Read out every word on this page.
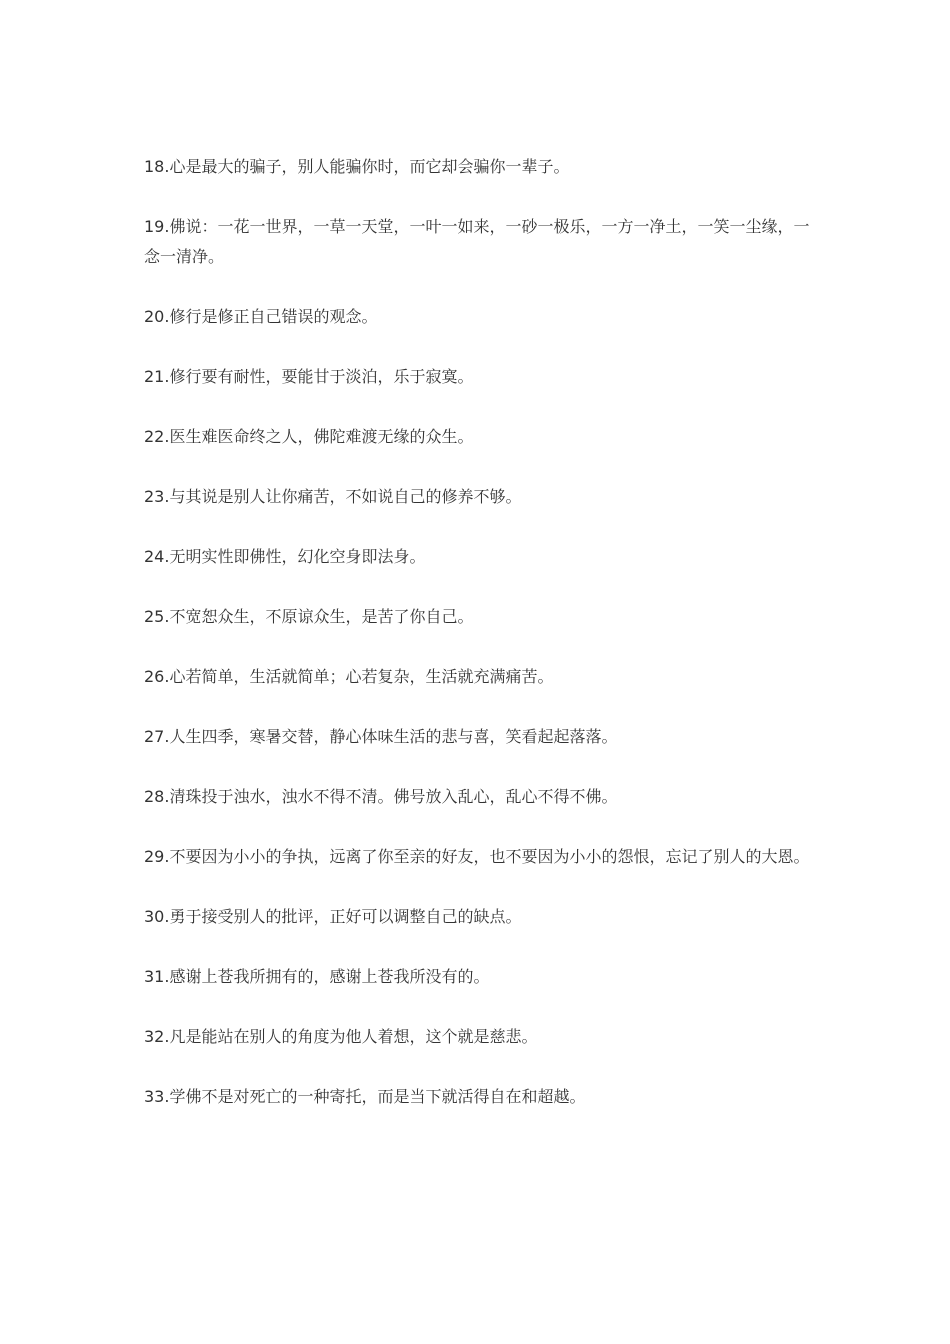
18.心是最大的骗子，别人能骗你时，而它却会骗你一辈子。
19.佛说：一花一世界，一草一天堂，一叶一如来，一砂一极乐，一方一净土，一笑一尘缘，一念一清净。
20.修行是修正自己错误的观念。
21.修行要有耐性，要能甘于淡泊，乐于寂寞。
22.医生难医命终之人，佛陀难渡无缘的众生。
23.与其说是别人让你痛苦，不如说自己的修养不够。
24.无明实性即佛性，幻化空身即法身。
25.不宽恕众生，不原谅众生，是苦了你自己。
26.心若简单，生活就简单；心若复杂，生活就充满痛苦。
27.人生四季，寒暑交替，静心体味生活的悲与喜，笑看起起落落。
28.清珠投于浊水，浊水不得不清。佛号放入乱心，乱心不得不佛。
29.不要因为小小的争执，远离了你至亲的好友，也不要因为小小的怨恨，忘记了别人的大恩。
30.勇于接受别人的批评，正好可以调整自己的缺点。
31.感谢上苍我所拥有的，感谢上苍我所没有的。
32.凡是能站在别人的角度为他人着想，这个就是慈悲。
33.学佛不是对死亡的一种寄托，而是当下就活得自在和超越。
